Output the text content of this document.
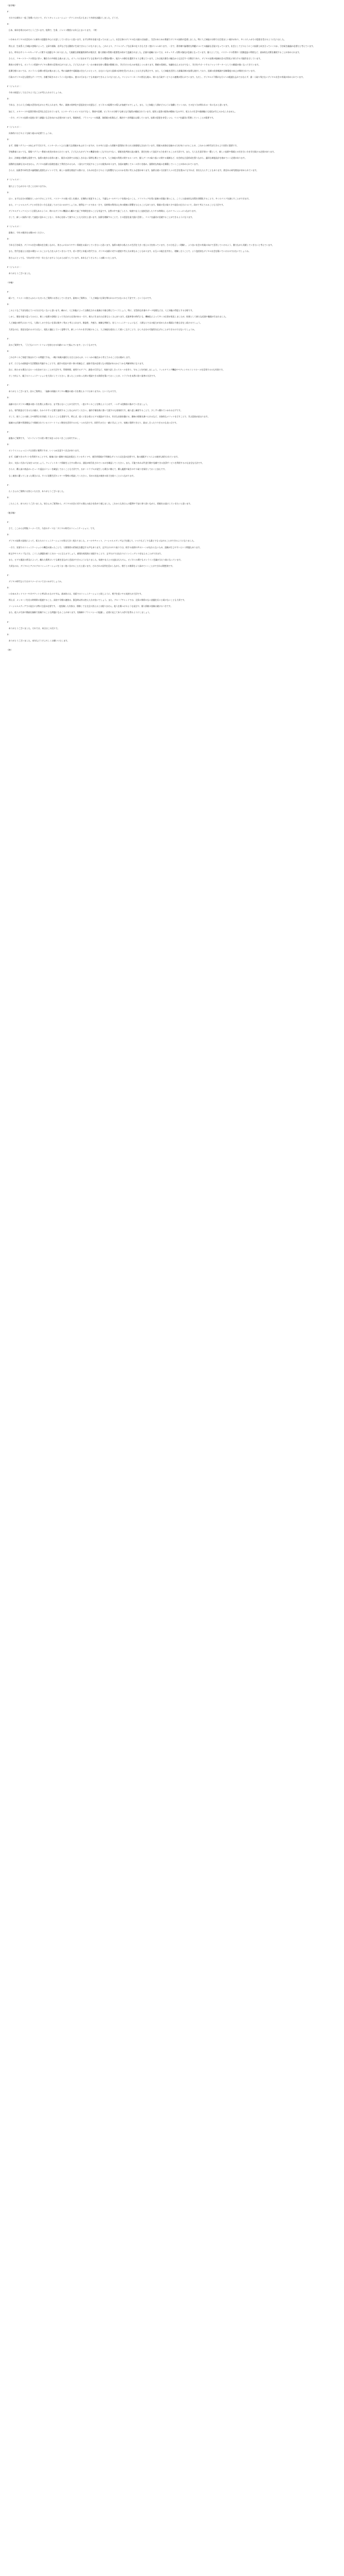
（前半略）

Ｐ：

　それでは新年に一度ご登場いただいて、ダイスキレミュエーション・テクニカル氏にもまして内容を話題にしました。どうぞ。

Ｄ：

　日本、新年を明けおめでとうございます。恒例で、生命、ジャスト教授にお年玉とまいります。（笑）

　いわゆるデジタル社会をめぐる新年の話題を中心にお話ししていきたいと思います。まずは昨年を振り返ってみましょう。社会全体のデジタル化の流れは加速し、生活のあらゆる場面でデジタル技術が浸透しました。特に人工知能の分野では目覚ましい進歩があり、多くの人々がその恩恵を受けるようになりました。

　例えば、生成系人工知能の登場によって、文章や画像、音声などを自動的に生成できるようになりました。これにより、クリエイティブな仕事の在り方も大きく変わりつつあります。一方で、著作権や倫理的な問題についての議論も活発になっています。社会としてどのようにこの技術と向き合っていくのか、引き続き議論が必要だと考えています。

　また、昨年はサイバーセキュリティに関する話題も多くありました。大規模な情報漏洩事件が相次ぎ、個人情報の管理の重要性が改めて認識されました。企業や組織においては、セキュリティ対策の強化が急務となっています。個人としても、パスワードの管理や二段階認証の利用など、基本的な対策を徹底することが求められます。

　さらに、リモートワークの普及に伴い、働き方の多様化も進みました。オフィスに出社せずとも仕事ができる環境が整い、地方への移住を選択する人も増えています。これは地方創生の観点からも注目すべき動きであり、デジタル技術が地域社会の活性化に寄与する可能性を示しています。

　教育の分野でも、オンライン授業やデジタル教材の活用が広がりました。子どもたちが一人一台の端末を持つ環境が整備され、学び方そのものが変化しつつあります。教師の役割も、知識を伝えるだけでなく、学びをサポートするファシリテーターとしての側面が強くなってきています。

　医療分野においては、オンライン診療の普及が進みました。特に高齢者や遠隔地に住む人々にとって、自宅にいながら医師の診察を受けられることは大きな利点です。また、人工知能を活用した画像診断の技術も進歩しており、医師の負担軽減や診断精度の向上が期待されています。

　行政のデジタル化も重要なテーマです。各種手続きのオンライン化が進み、窓口に行かなくても申請ができるようになりました。マイナンバーカードの普及も進み、様々な行政サービスとの連携が図られています。ただし、デジタルに不慣れな方々への配慮も忘れてはならず、誰一人取り残さないデジタル社会の実現が求められています。

Ｐ（ジャスト）：

　今年の展望としてはどのようなことが考えられるでしょうか。

Ｄ：

　今年は、さらに人工知能の活用が広がると考えられます。特に、業務の効率化や意思決定の支援など、ビジネスの現場での導入が加速するでしょう。また、人工知能と人間がどのように協働していくのか、その在り方が問われる一年になると思います。

　加えて、メタバースや仮想空間の活用も注目されています。エンターテインメントだけでなく、教育や医療、ビジネスの分野でも新たな可能性が模索されています。現実と仮想の境界が曖昧になる中で、私たちの生活や価値観にも変化が生じるかもしれません。

　一方で、デジタル技術の発展に伴う課題にも目を向ける必要があります。情報格差、プライバシーの保護、偽情報の拡散など、解決すべき問題は山積しています。技術の恩恵を享受しつつ、リスクを適切に管理していくことが重要です。

Ｐ（ジャスト）：

　具体的にはどのような取り組みが必要でしょうか。

Ｄ：

　まず、情報リテラシーの向上が不可欠です。インターネット上には膨大な情報があふれていますが、その中には誤った情報や意図的に作られた偽情報も含まれています。情報の真偽を見極める力を身につけることが、これからの時代を生きる上で非常に重要です。

　学校教育においても、情報リテラシー教育の充実が求められています。子どもたちがデジタル機器を使いこなすだけでなく、情報を批判的に読み解き、責任を持って発信する力を育てることが大切です。また、大人も生涯学習の一環として、新しい技術や情報との付き合い方を学び続ける必要があります。

　次に、法制度の整備も重要です。技術の進歩は非常に速く、既存の法律では対応しきれない事例も増えています。人工知能の利用に関するルールや、個人データの取り扱いに関する規制など、社会的な合意形成を図りながら、適切な制度設計を進めていく必要があります。

　国際的な協調も欠かせません。デジタル技術は国境を越えて利用されるため、一国だけで対応することには限界があります。各国が連携してルール作りを進め、国際的な枠組みを構築していくことが求められています。

　さらに、技術者や研究者の倫理観も重要なポイントです。新しい技術を開発する際には、それが社会にどのような影響を与えるのかを常に考える必要があります。技術は使い方次第で人々の生活を豊かにもすれば、害をもたらすこともあります。責任ある研究開発が求められています。

Ｐ（ジャスト）：

　個人として心がけるべきことはありますか。

Ｄ：

　はい、まずは自分の情報をしっかり守ることです。パスワードの使い回しを避け、定期的に変更すること。不審なメールやリンクを開かないこと。ソフトウェアを常に最新の状態に保つこと。こうした基本的な対策を習慣化することで、多くのリスクを減らすことができます。

　また、ソーシャルメディアとの付き合い方も見直してみてはいかがでしょうか。便利なツールである一方で、長時間の利用は心身の健康に影響を与えることもあります。情報の受け取り方や発信の仕方について、改めて考えてみることも大切です。

　デジタルデトックスという言葉もあるように、時にはデジタル機器から離れて過ごす時間を持つことも有益です。自然の中で過ごしたり、家族や友人と直接会話したりする時間は、心のリフレッシュにつながります。

　そして、新しい技術に対して過度に恐れることなく、好奇心を持って接することも大切だと思います。技術を理解することで、その恩恵を最大限に活用し、リスクを適切に回避することができるようになります。

Ｐ（ジャスト）：

　最後に、今年の抱負をお聞かせください。

Ｄ：

　今年も引き続き、デジタル社会の動向を注視しながら、皆さんにわかりやすく情報をお届けしていきたいと思います。技術の進歩は私たちの生活を大きく変える力を持っています。その力を正しく理解し、より良い社会の実現に向けて活用していけるよう、微力ながら貢献していきたいと考えています。

　また、世代を超えた対話の場をつくることにも力を入れていきたいです。若い世代と年配の世代では、デジタル技術に対する感覚や考え方が異なることもあります。お互いの視点を共有し、理解し合うことで、より包括的なデジタル社会を築いていけるのではないでしょうか。

　皆さんにとっても、今年が実り多き一年となりますよう心からお祈りしています。本年もどうぞよろしくお願いいたします。

Ｐ（ジャスト）：

　ありがとうございました。

（中略）

Ｐ：

　続いて、リスナーの皆さんからいただいたご質問にお答えしていきます。最初のご質問は、「人工知能に仕事を奪われるのではないかと不安です」というものです。

Ｄ：

　このようなご不安を抱えている方は少なくないと思います。確かに、人工知能によって自動化される業務は今後も増えていくでしょう。特に、定型的な作業やデータ処理などは、人工知能の得意とする分野です。

　しかし、歴史を振り返ってみると、新しい技術の登場によって失われた仕事がある一方で、新たに生まれた仕事もたくさんあります。産業革命の時代にも、機械化によって多くの仕事が変化しましたが、結果として新たな産業や職業が生まれました。

　人工知能の時代においても、人間にしかできない仕事は数多く残ると考えられます。創造性、共感力、複雑な判断力、対人コミュニケーションなど、人間ならではの能力が求められる場面は今後も存在し続けるでしょう。

　大切なのは、変化を恐れるのではなく、変化に適応していく姿勢です。新しいスキルを学び続けること、人工知能を道具として使いこなすことで、むしろ自分の可能性を広げることができるのではないでしょうか。

Ｐ：

　次のご質問です。「子どもにスマートフォンを持たせる年齢について悩んでいます」というものです。

Ｄ：

　これは多くのご家庭で悩まれている問題ですね。一概に何歳が適切とは言えませんが、いくつかの観点から考えてみることをお勧めします。

　まず、子どもの成熟度や生活環境を考慮することです。通学の状況や習い事の有無など、連絡手段が必要となる場面があるかどうかも判断材料になります。

　次に、持たせる場合にはルールを決めておくことが大切です。利用時間、使用するアプリ、課金の可否など、家族で話し合ってルールを作り、守ることを約束しましょう。フィルタリング機能やペアレンタルコントロールを活用するのも有効です。

　そして何より、親子のコミュニケーションを大切にしてください。困ったことがあった時に相談できる関係を築いておくことが、トラブルを未然に防ぐ最善の方法です。

Ｐ：

　ありがとうございます。次のご質問は、「高齢の両親にデジタル機器の使い方を教えるコツはありますか」というものです。

Ｄ：

　高齢の方にデジタル機器の使い方を教える際には、まず焦らないことが大切です。一度に多くのことを教えようとせず、一つずつ段階的に進めていきましょう。

　また、専門用語はできるだけ避け、わかりやすい言葉で説明することを心がけてください。操作手順を紙に書いて渡すのも効果的です。繰り返し練習することで、少しずつ慣れていかれるはずです。

　そして、使うことの楽しさや便利さを実感してもらうことも重要です。例えば、遠くに住む孫とビデオ通話ができる、好きな音楽を聴ける、趣味の情報を調べられるなど、具体的なメリットを示すことで、学ぶ意欲が高まります。

　地域の公民館や図書館などで開催されているスマートフォン教室を活用するのも一つの方法です。同世代の方と一緒に学ぶことで、気軽に質問できたり、励まし合ったりできるのも良い点です。

Ｐ：

　最後のご質問です。「オンラインでの買い物で気をつけるべきことは何ですか」。

Ｄ：

　オンラインショッピングは非常に便利ですが、いくつか注意すべき点があります。

　まず、信頼できるサイトを利用することです。極端に安い価格で商品を販売しているサイトや、運営者情報が不明確なサイトには注意が必要です。偽の通販サイトによる被害も報告されています。

　次に、支払い方法にも気をつけましょう。クレジットカード情報を入力する際には、通信が暗号化されているかを確認してください。また、可能であれば代金引換や信頼できる決済サービスを利用するのも安全な方法です。

　さらに、購入前に商品のレビューや返品ポリシーを確認しておくことも大切です。万が一トラブルが発生した場合に備えて、購入履歴や取引のやり取りを保存しておくと安心です。

　もし被害に遭ってしまった場合には、すぐに消費生活センターや警察に相談してください。早めの対応が被害の拡大を防ぐことにつながります。

Ｐ：

　たくさんのご質問にお答えいただき、ありがとうございました。

Ｄ：

　こちらこそ、ありがとうございました。皆さんのご質問から、デジタル社会に対する関心の高さを改めて感じました。これからも皆さんの疑問や不安に寄り添いながら、情報をお届けしていきたいと思います。

（後半略）

Ｐ：

　さて、ここからは特集コーナーです。今回のテーマは「デジタル時代のコミュニケーション」です。

Ｄ：

　デジタル技術の発展によって、私たちのコミュニケーションの形は大きく変わりました。メールやチャット、ソーシャルメディアなどを通じて、いつでもどこでも誰とでもつながることができるようになりました。

　一方で、対面でのコミュニケーションの機会が減ったことで、人間関係の希薄化を懸念する声もあります。文字だけのやり取りでは、相手の表情や声のトーンが伝わらないため、誤解が生じやすいという問題もあります。

　絵文字やスタンプなどは、こうした課題を補う工夫の一つと言えるでしょう。感情を視覚的に表現することで、文字だけでは伝わりにくいニュアンスを伝えることができます。

　また、ビデオ通話の普及によって、離れた場所にいても顔を見ながら会話ができるようになりました。家族や友人との交流はもちろん、ビジネスの場でもオンライン会議が当たり前になっています。

　大切なのは、デジタルとアナログのコミュニケーションをうまく使い分けることだと思います。それぞれの長所を活かしながら、相手との関係をより深めていくことができれば理想的です。

Ｐ：

　デジタル時代ならではのマナーについてはいかがでしょうか。

Ｄ：

　いわゆるネットマナーやネチケットと呼ばれるものですね。基本的には、対面でのコミュニケーションと同じように、相手を思いやる気持ちが大切です。

　例えば、メッセージを送る時間帯に配慮すること。深夜や早朝の連絡は、緊急時以外は控えた方が良いでしょう。また、グループチャットでは、全員に関係のない話題を長々と続けないことも大切です。

　ソーシャルメディアでの発言には特に注意が必要です。一度投稿した内容は、削除しても完全に消えるとは限りません。他人を傷つけるような発言や、個人情報の投稿は避けるべきです。

　また、他人の写真や動画を無断で投稿することも問題になることがあります。肖像権やプライバシーに配慮し、必要に応じて本人の許可を得るようにしましょう。

Ｐ：

　ありがとうございました。それでは、本日はこの辺りで。

Ｄ：

　ありがとうございました。本年もどうぞよろしくお願いいたします。

（終）
